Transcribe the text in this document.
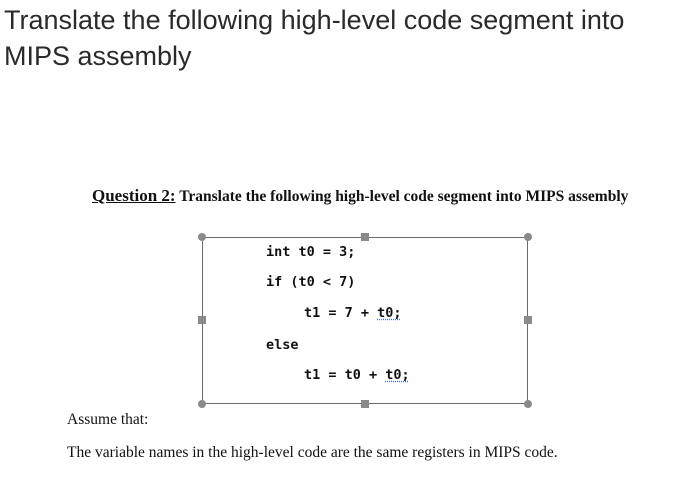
Translate the following high-level code segment into MIPS assembly
Question 2: Translate the following high-level code segment into MIPS assembly
int t0 = 3;
if (t0 < 7)
t1 = 7 + t0;
else
t1 = t0 + t0;
Assume that:
The variable names in the high-level code are the same registers in MIPS code.
